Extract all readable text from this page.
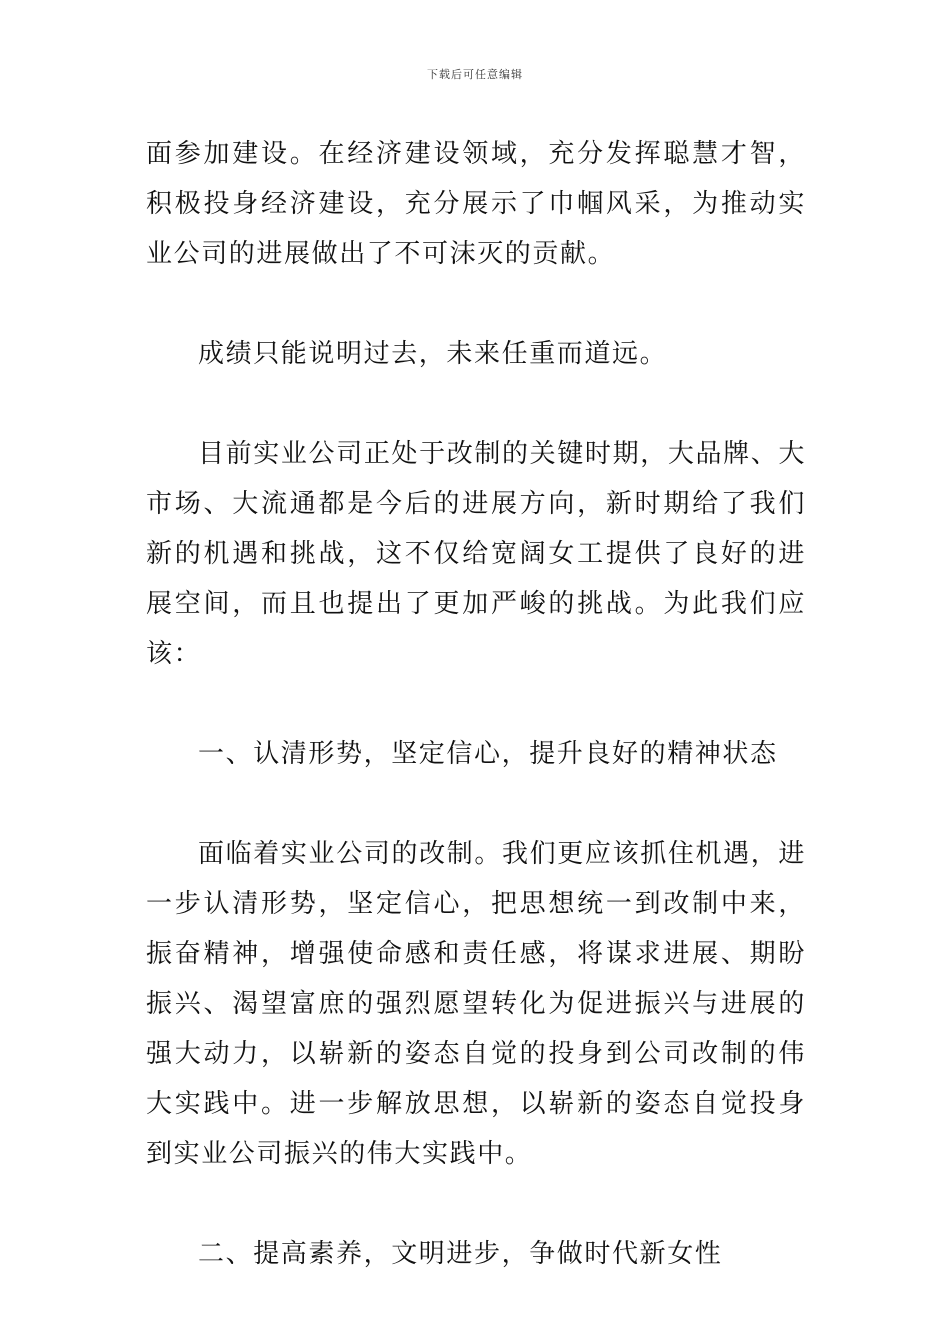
下载后可任意编辑

面参加建设。在经济建设领域，充分发挥聪慧才智，积极投身经济建设，充分展示了巾帼风采，为推动实业公司的进展做出了不可沫灭的贡献。

成绩只能说明过去，未来任重而道远。

目前实业公司正处于改制的关键时期，大品牌、大市场、大流通都是今后的进展方向，新时期给了我们新的机遇和挑战，这不仅给宽阔女工提供了良好的进展空间，而且也提出了更加严峻的挑战。为此我们应该：

一、认清形势，坚定信心，提升良好的精神状态

面临着实业公司的改制。我们更应该抓住机遇，进一步认清形势，坚定信心，把思想统一到改制中来，振奋精神，增强使命感和责任感，将谋求进展、期盼振兴、渴望富庶的强烈愿望转化为促进振兴与进展的强大动力，以崭新的姿态自觉的投身到公司改制的伟大实践中。进一步解放思想，以崭新的姿态自觉投身到实业公司振兴的伟大实践中。

二、提高素养，文明进步，争做时代新女性
